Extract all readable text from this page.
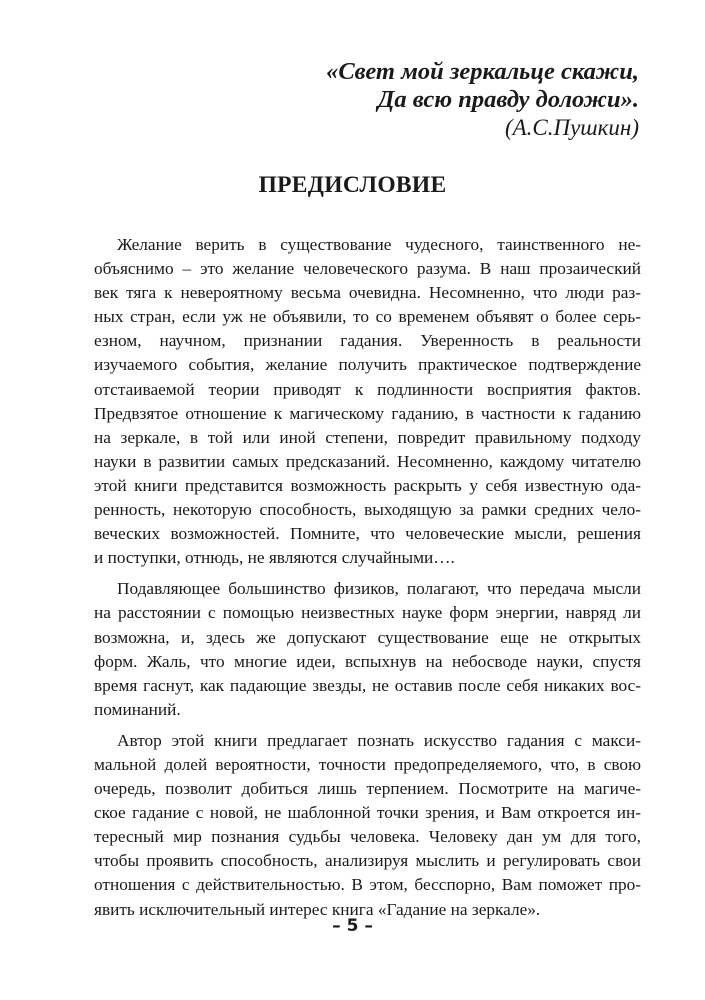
«Свет мой зеркальце скажи,
Да всю правду доложи».
(А.С.Пушкин)
ПРЕДИСЛОВИЕ
Желание верить в существование чудесного, таинственного не-
объяснимо – это желание человеческого разума. В наш прозаический
век тяга к невероятному весьма очевидна. Несомненно, что люди раз-
ных стран, если уж не объявили, то со временем объявят о более серь-
езном, научном, признании гадания. Уверенность в реальности
изучаемого события, желание получить практическое подтверждение
отстаиваемой теории приводят к подлинности восприятия фактов.
Предвзятое отношение к магическому гаданию, в частности к гаданию
на зеркале, в той или иной степени, повредит правильному подходу
науки в развитии самых предсказаний. Несомненно, каждому читателю
этой книги представится возможность раскрыть у себя известную ода-
ренность, некоторую способность, выходящую за рамки средних чело-
веческих возможностей. Помните, что человеческие мысли, решения
и поступки, отнюдь, не являются случайными….
Подавляющее большинство физиков, полагают, что передача мысли
на расстоянии с помощью неизвестных науке форм энергии, навряд ли
возможна, и, здесь же допускают существование еще не открытых
форм. Жаль, что многие идеи, вспыхнув на небосводе науки, спустя
время гаснут, как падающие звезды, не оставив после себя никаких вос-
поминаний.
Автор этой книги предлагает познать искусство гадания с макси-
мальной долей вероятности, точности предопределяемого, что, в свою
очередь, позволит добиться лишь терпением. Посмотрите на магиче-
ское гадание с новой, не шаблонной точки зрения, и Вам откроется ин-
тересный мир познания судьбы человека. Человеку дан ум для того,
чтобы проявить способность, анализируя мыслить и регулировать свои
отношения с действительностью. В этом, бесспорно, Вам поможет про-
явить исключительный интерес книга «Гадание на зеркале».
– 5 –
